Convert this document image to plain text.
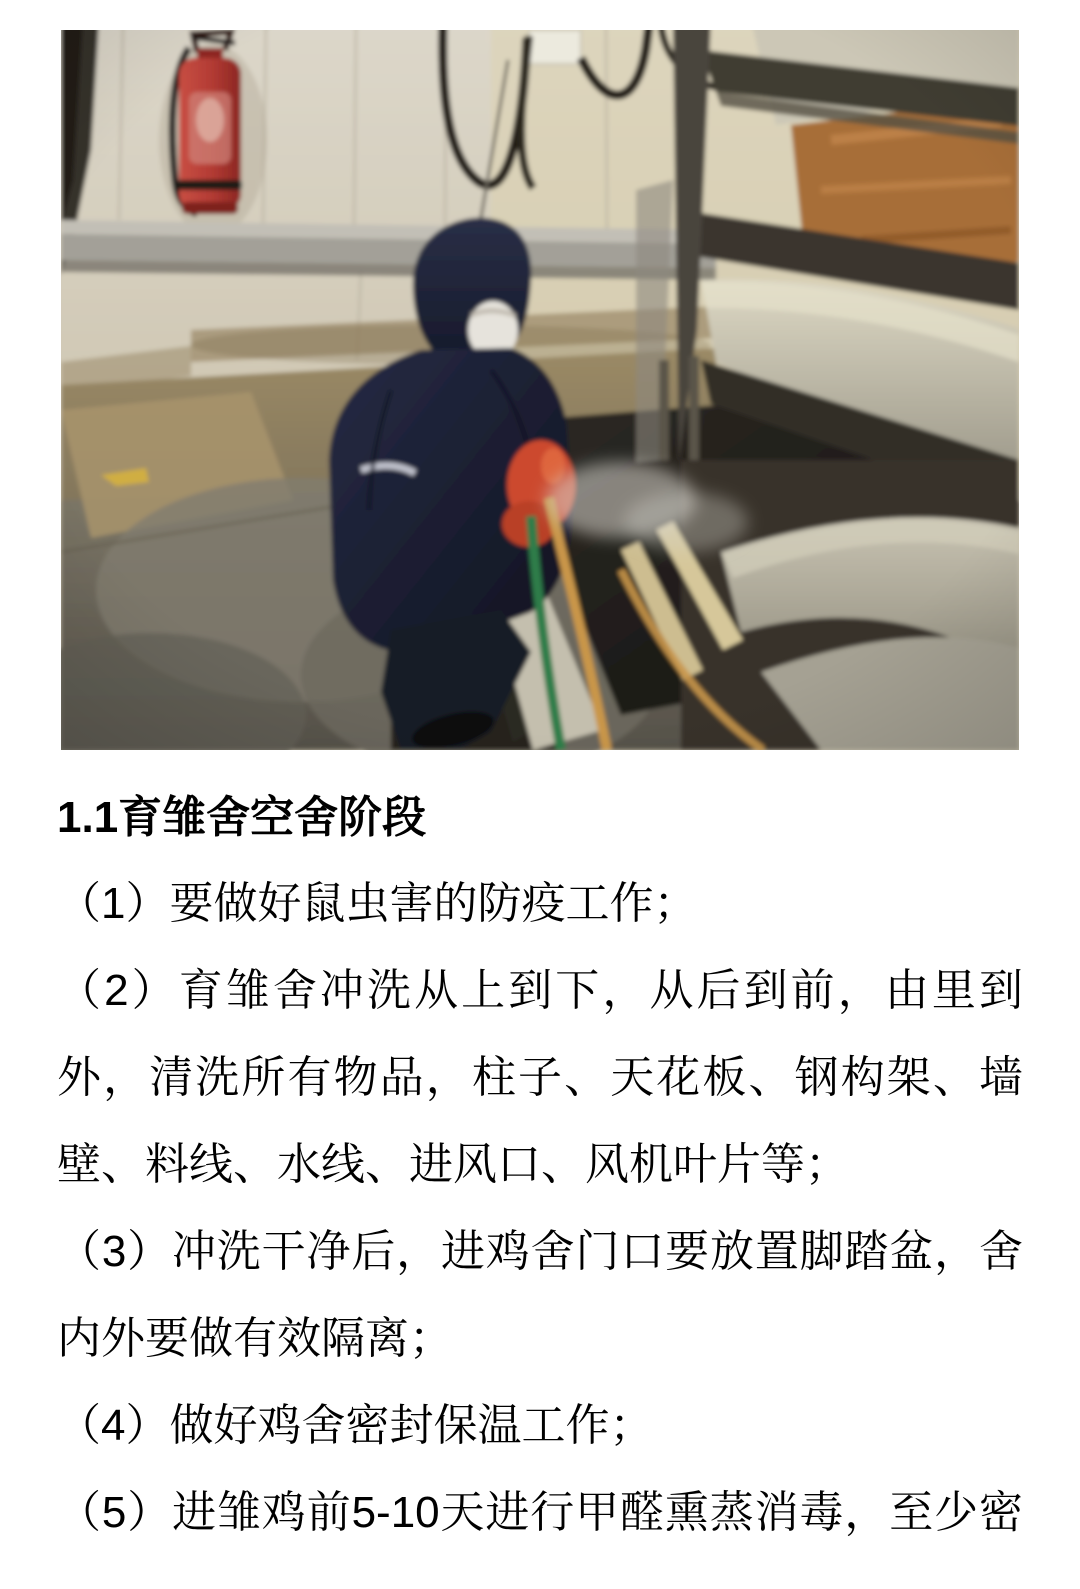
1.1育雏舍空舍阶段
（1）要做好鼠虫害的防疫工作；
（2）育雏舍冲洗从上到下，从后到前，由里到
外，清洗所有物品，柱子、天花板、钢构架、墙
壁、料线、水线、进风口、风机叶片等；
（3）冲洗干净后，进鸡舍门口要放置脚踏盆，舍
内外要做有效隔离；
（4）做好鸡舍密封保温工作；
（5）进雏鸡前5-10天进行甲醛熏蒸消毒，至少密
